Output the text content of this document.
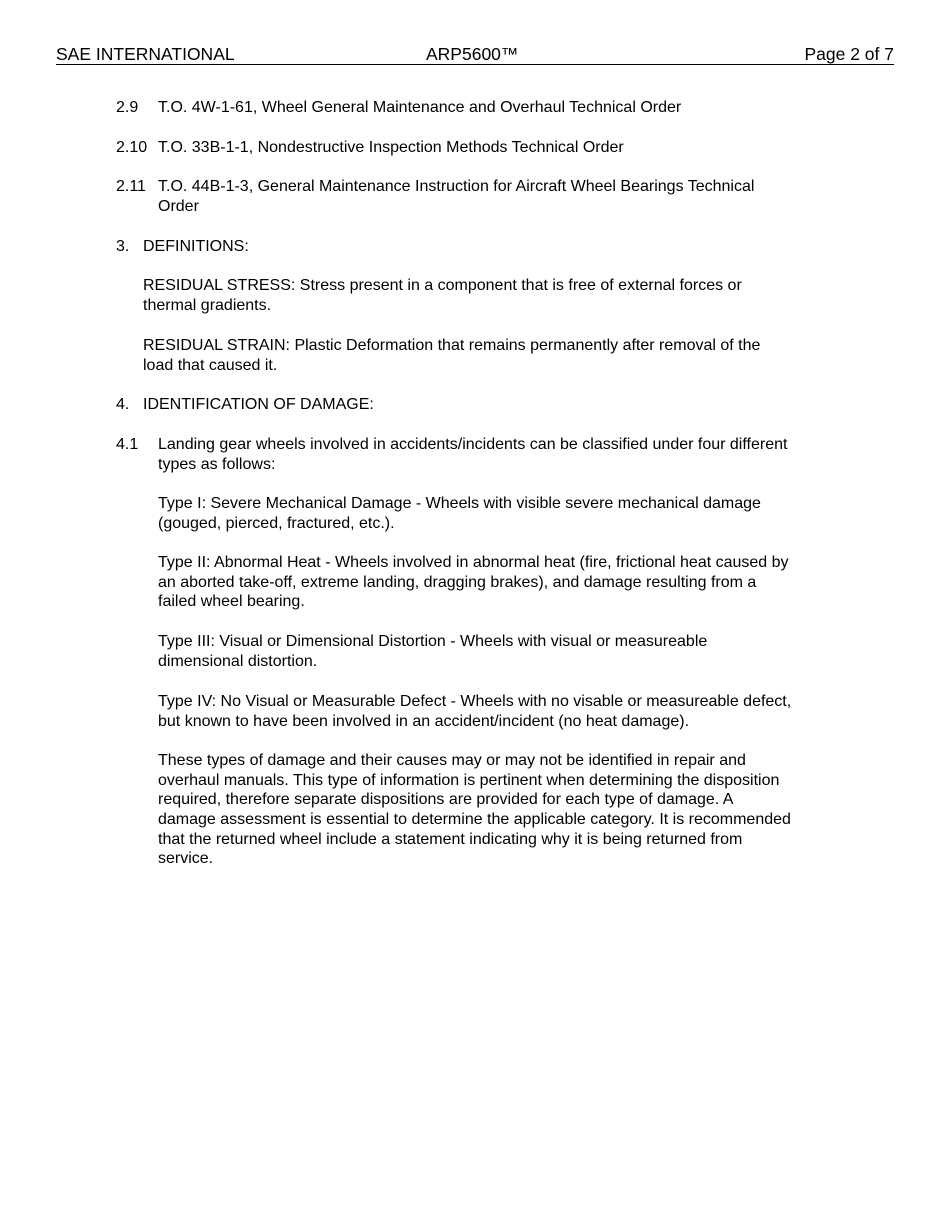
SAE INTERNATIONAL	ARP5600™	Page 2 of 7
2.9 T.O. 4W-1-61, Wheel General Maintenance and Overhaul Technical Order
2.10 T.O. 33B-1-1, Nondestructive Inspection Methods Technical Order
2.11 T.O. 44B-1-3, General Maintenance Instruction for Aircraft Wheel Bearings Technical
Order
3. DEFINITIONS:
RESIDUAL STRESS: Stress present in a component that is free of external forces or
thermal gradients.
RESIDUAL STRAIN: Plastic Deformation that remains permanently after removal of the
load that caused it.
4. IDENTIFICATION OF DAMAGE:
4.1 Landing gear wheels involved in accidents/incidents can be classified under four different
types as follows:
Type I: Severe Mechanical Damage - Wheels with visible severe mechanical damage
(gouged, pierced, fractured, etc.).
Type II: Abnormal Heat - Wheels involved in abnormal heat (fire, frictional heat caused by
an aborted take-off, extreme landing, dragging brakes), and damage resulting from a
failed wheel bearing.
Type III: Visual or Dimensional Distortion - Wheels with visual or measureable
dimensional distortion.
Type IV: No Visual or Measurable Defect - Wheels with no visable or measureable defect,
but known to have been involved in an accident/incident (no heat damage).
These types of damage and their causes may or may not be identified in repair and
overhaul manuals. This type of information is pertinent when determining the disposition
required, therefore separate dispositions are provided for each type of damage. A
damage assessment is essential to determine the applicable category. It is recommended
that the returned wheel include a statement indicating why it is being returned from
service.
